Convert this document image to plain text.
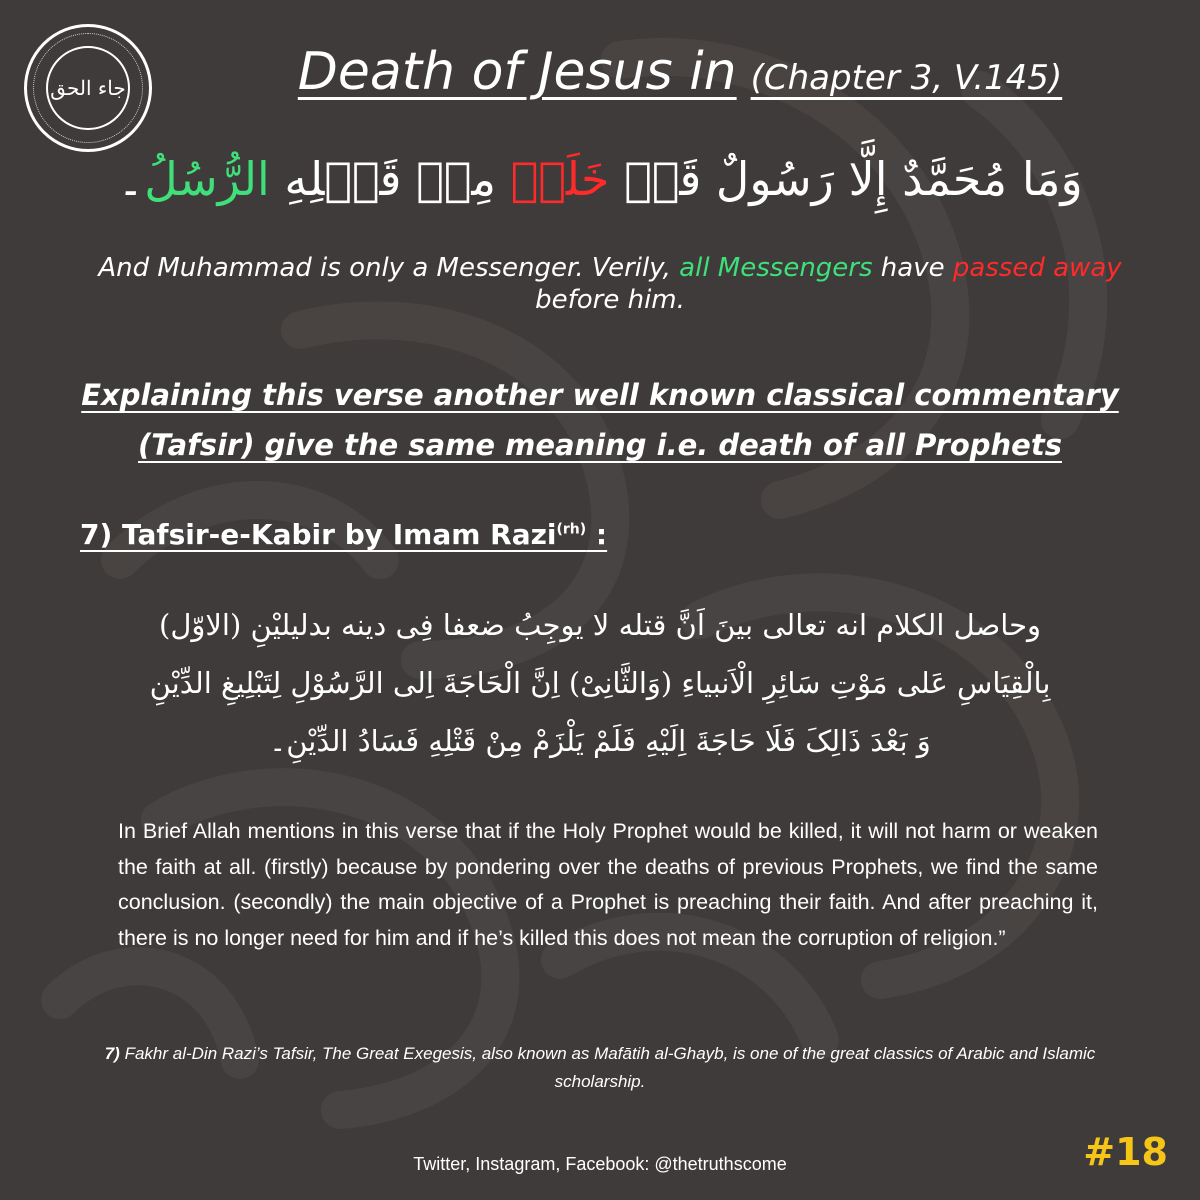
جاء الحق	Death of Jesus in (Chapter 3, V.145)
وَمَا مُحَمَّدٌ إِلَّا رَسُولٌ قَدۡ خَلَتۡ مِنۡ قَبۡلِهِ الرُّسُلُ۔
And Muhammad is only a Messenger. Verily, all Messengers have passed away before him.
Explaining this verse another well known classical commentary
(Tafsir) give the same meaning i.e. death of all Prophets
7) Tafsir-e-Kabir by Imam Razi$^{(rh)}$ :
وحاصل الكلام انه تعالى بينَ اَنَّ قتله لا يوجِبُ ضعفا فِى دينه بدليليْنِ (الاوّل)
بِالْقِيَاسِ عَلى مَوْتِ سَائِرِ الْاَنبياءِ (وَالثَّانِىْ) اِنَّ الْحَاجَةَ اِلى الرَّسُوْلِ لِتَبْلِيغِ الدِّيْنِ
وَ بَعْدَ ذَالِکَ فَلَا حَاجَةَ اِلَيْهِ فَلَمْ يَلْزَمْ مِنْ قَتْلِهِ فَسَادُ الدِّيْنِ۔
In Brief Allah mentions in this verse that if the Holy Prophet would be killed, it will not harm or weaken the faith at all. (firstly) because by pondering over the deaths of previous Prophets, we find the same conclusion. (secondly) the main objective of a Prophet is preaching their faith. And after preaching it, there is no longer need for him and if he’s killed this does not mean the corruption of religion.”
7) Fakhr al-Din Razi’s Tafsir, The Great Exegesis, also known as Mafātih al-Ghayb, is one of the great classics of Arabic and Islamic scholarship.
Twitter, Instagram, Facebook: @thetruthscome	#18
